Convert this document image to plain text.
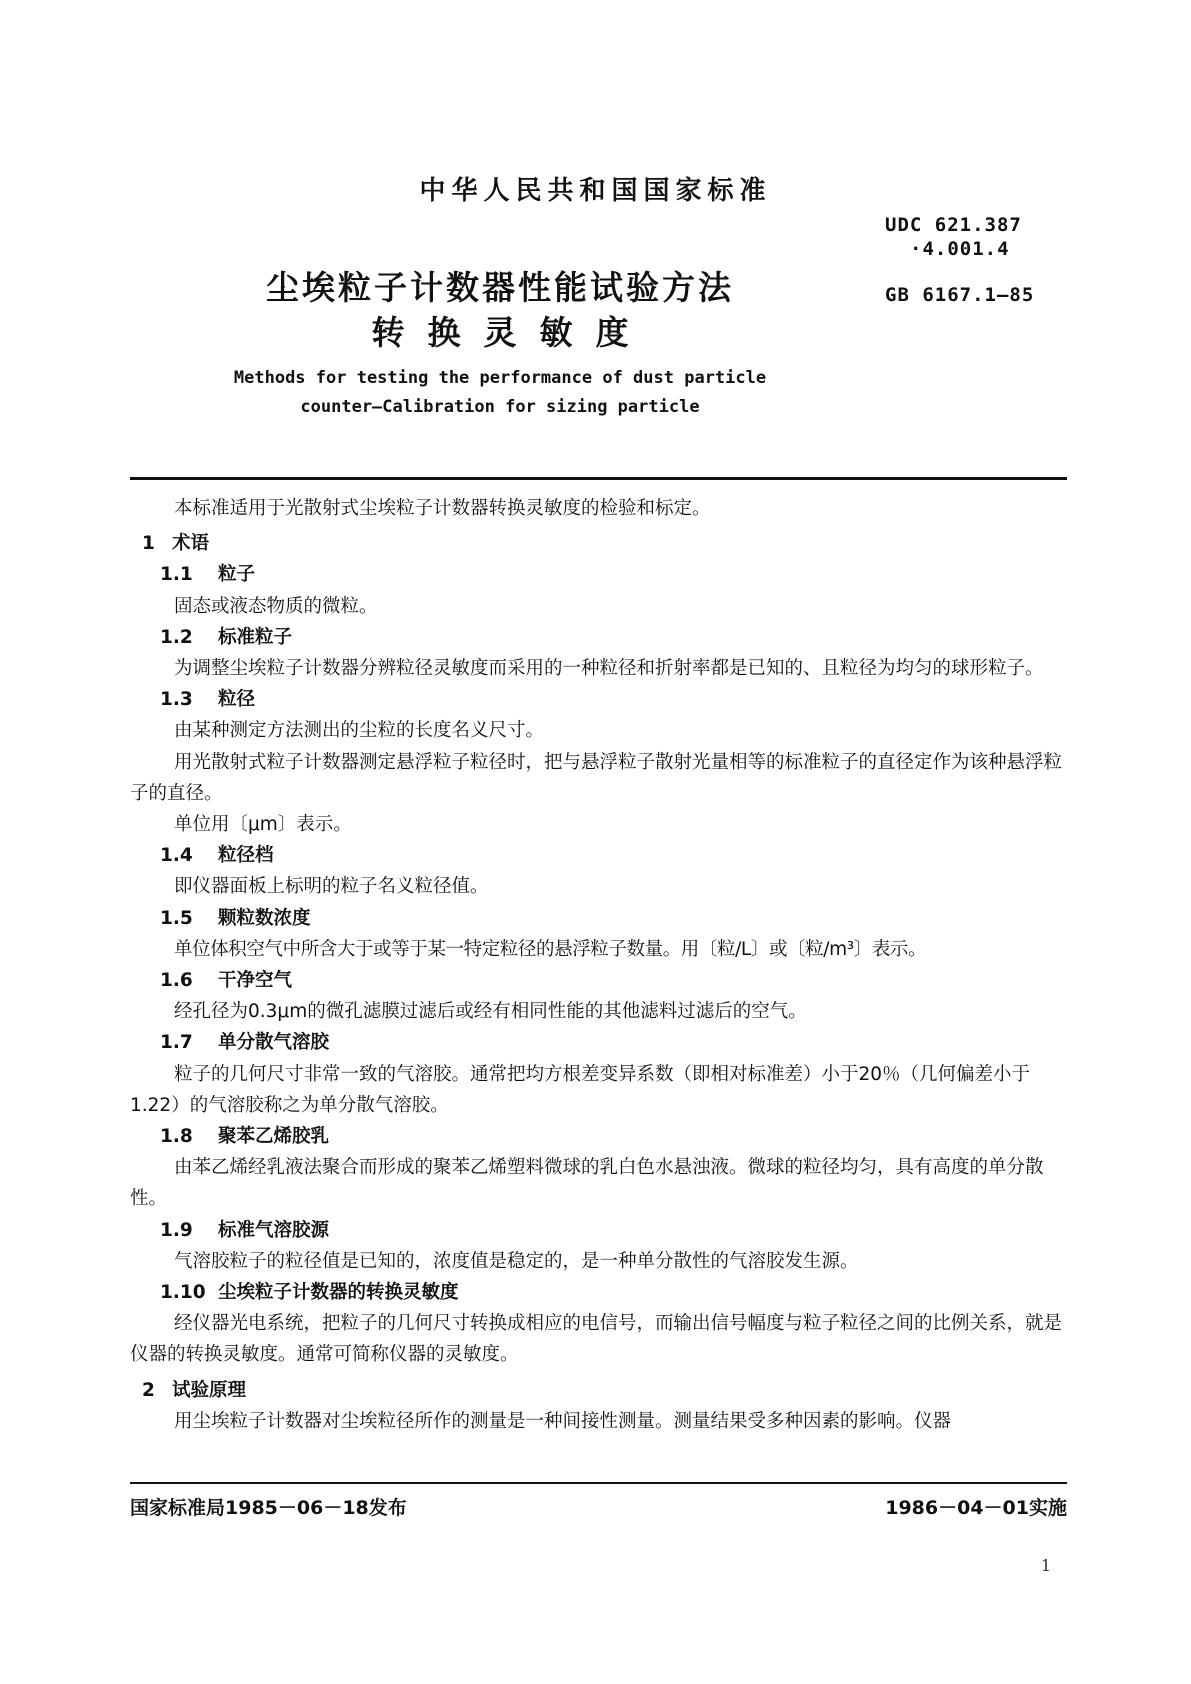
中华人民共和国国家标准
UDC 621.387
·4.001.4
GB 6167.1—85
尘埃粒子计数器性能试验方法
转  换  灵  敏  度
Methods for testing the performance of dust particle
counter—Calibration for sizing particle

本标准适用于光散射式尘埃粒子计数器转换灵敏度的检验和标定。

1 术语

1.1 粒子

固态或液态物质的微粒。

1.2 标准粒子

为调整尘埃粒子计数器分辨粒径灵敏度而采用的一种粒径和折射率都是已知的、且粒径为均匀的球形粒子。

1.3 粒径

由某种测定方法测出的尘粒的长度名义尺寸。

用光散射式粒子计数器测定悬浮粒子粒径时，把与悬浮粒子散射光量相等的标准粒子的直径定作为该种悬浮粒子的直径。

单位用〔μm〕表示。

1.4 粒径档

即仪器面板上标明的粒子名义粒径值。

1.5 颗粒数浓度

单位体积空气中所含大于或等于某一特定粒径的悬浮粒子数量。用〔粒/L〕或〔粒/m³〕表示。

1.6 干净空气

经孔径为0.3μm的微孔滤膜过滤后或经有相同性能的其他滤料过滤后的空气。

1.7 单分散气溶胶

粒子的几何尺寸非常一致的气溶胶。通常把均方根差变异系数（即相对标准差）小于20％（几何偏差小于1.22）的气溶胶称之为单分散气溶胶。

1.8 聚苯乙烯胶乳

由苯乙烯经乳液法聚合而形成的聚苯乙烯塑料微球的乳白色水悬浊液。微球的粒径均匀，具有高度的单分散性。

1.9 标准气溶胶源

气溶胶粒子的粒径值是已知的，浓度值是稳定的，是一种单分散性的气溶胶发生源。

1.10 尘埃粒子计数器的转换灵敏度

经仪器光电系统，把粒子的几何尺寸转换成相应的电信号，而输出信号幅度与粒子粒径之间的比例关系，就是仪器的转换灵敏度。通常可简称仪器的灵敏度。

2 试验原理

用尘埃粒子计数器对尘埃粒径所作的测量是一种间接性测量。测量结果受多种因素的影响。仪器

国家标准局1985－06－18发布	1986－04－01实施
1
